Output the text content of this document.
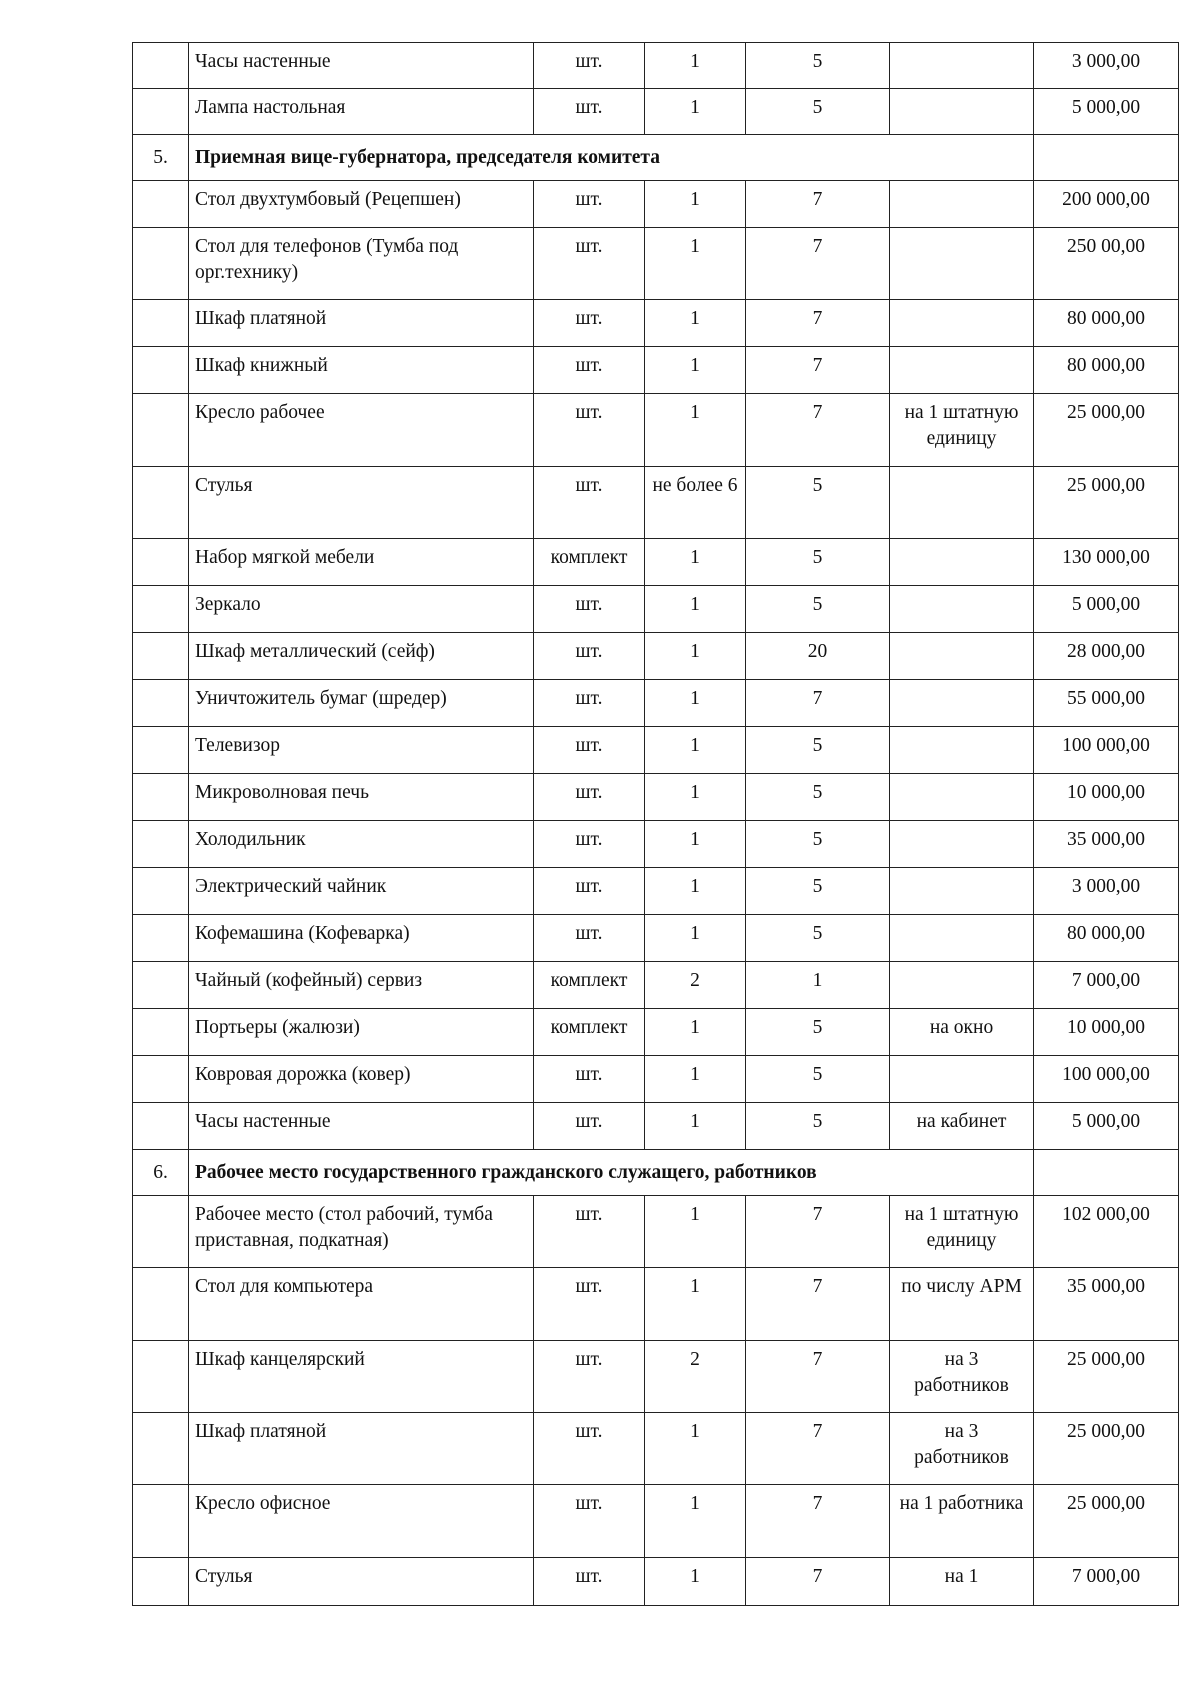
	Часы настенные	шт.	1	5		3 000,00
	Лампа настольная	шт.	1	5		5 000,00
5.	Приемная вице-губернатора, председателя комитета					
	Стол двухтумбовый (Рецепшен)	шт.	1	7		200 000,00
	Стол для телефонов (Тумба под орг.технику)	шт.	1	7		250 00,00
	Шкаф платяной	шт.	1	7		80 000,00
	Шкаф книжный	шт.	1	7		80 000,00
	Кресло рабочее	шт.	1	7	на 1 штатную единицу	25 000,00
	Стулья	шт.	не более 6	5		25 000,00
	Набор мягкой мебели	комплект	1	5		130 000,00
	Зеркало	шт.	1	5		5 000,00
	Шкаф металлический (сейф)	шт.	1	20		28 000,00
	Уничтожитель бумаг (шредер)	шт.	1	7		55 000,00
	Телевизор	шт.	1	5		100 000,00
	Микроволновая печь	шт.	1	5		10 000,00
	Холодильник	шт.	1	5		35 000,00
	Электрический чайник	шт.	1	5		3 000,00
	Кофемашина (Кофеварка)	шт.	1	5		80 000,00
	Чайный (кофейный) сервиз	комплект	2	1		7 000,00
	Портьеры (жалюзи)	комплект	1	5	на окно	10 000,00
	Ковровая дорожка (ковер)	шт.	1	5		100 000,00
	Часы настенные	шт.	1	5	на кабинет	5 000,00
6.	Рабочее место государственного гражданского служащего, работников					
	Рабочее место (стол рабочий, тумба приставная, подкатная)	шт.	1	7	на 1 штатную единицу	102 000,00
	Стол для компьютера	шт.	1	7	по числу АРМ	35 000,00
	Шкаф канцелярский	шт.	2	7	на 3 работников	25 000,00
	Шкаф платяной	шт.	1	7	на 3 работников	25 000,00
	Кресло офисное	шт.	1	7	на 1 работника	25 000,00
	Стулья	шт.	1	7	на 1	7 000,00
